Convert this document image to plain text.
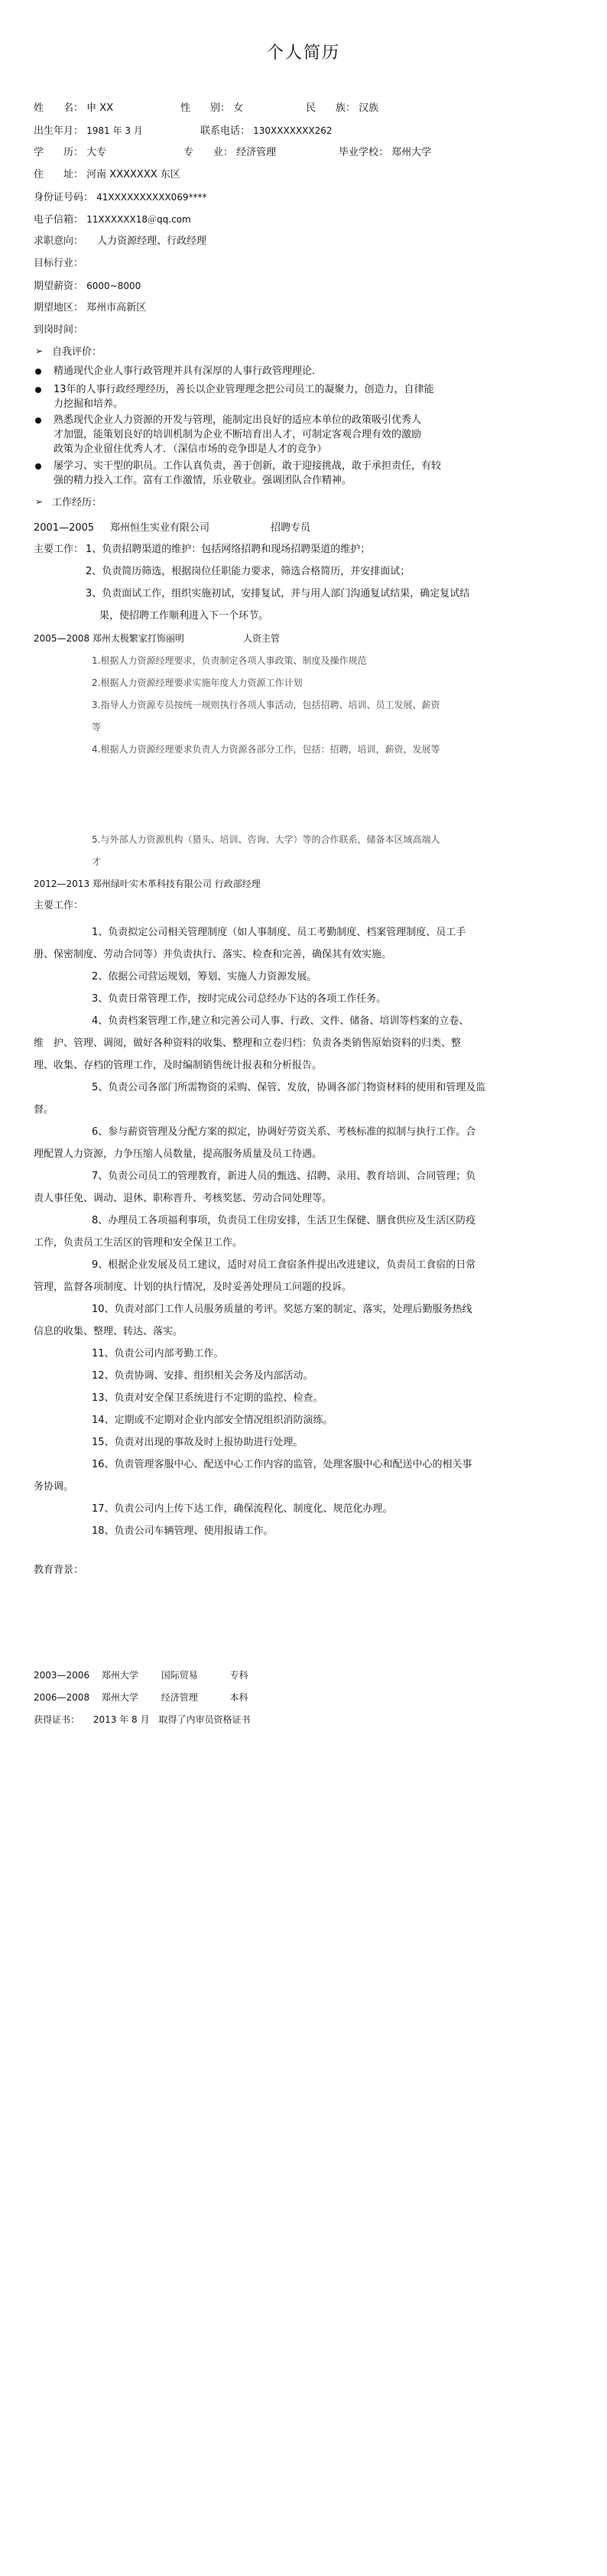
个人简历
姓　　名： 申 XX	性　　别： 女	民　　族： 汉族
出生年月： 1981 年 3 月	联系电话： 130XXXXXXX262
学　　历： 大专	专　　业： 经济管理	毕业学校： 郑州大学
住　　址： 河南 XXXXXXX 东区
身份证号码： 41XXXXXXXXXX069****
电子信箱： 11XXXXXX18＠qq.com
求职意向： 人力资源经理、行政经理
目标行业：
期望薪资： 6000~8000
期望地区： 郑州市高新区
到岗时间：
➢ 自我评价：
精通现代企业人事行政管理并具有深厚的人事行政管理理论．
13年的人事行政经理经历，善长以企业管理理念把公司员工的凝聚力，创造力，自律能
力挖掘和培养。
熟悉现代企业人力资源的开发与管理，能制定出良好的适应本单位的政策吸引优秀人
才加盟，能策划良好的培训机制为企业不断培育出人才，可制定客观合理有效的激励
政策为企业留住优秀人才．（深信市场的竞争即是人才的竞争）
屡学习、实干型的职员。工作认真负责，善于创新，敢于迎接挑战，敢于承担责任，有较
强的精力投入工作。富有工作激情，乐业敬业。强调团队合作精神。
➢ 工作经历：
2001—2005 郑州恒生实业有限公司	招聘专员
主要工作： 1、负责招聘渠道的维护：包括网络招聘和现场招聘渠道的维护；
2、负责简历筛选，根据岗位任职能力要求，筛选合格简历，并安排面试；
3、负责面试工作，组织实施初试，安排复试，并与用人部门沟通复试结果，确定复试结
果，使招聘工作顺利进入下一个环节。
2005—2008 郑州太极繁家打饰丽明	人资主管
1.根据人力资源经理要求，负责制定各项人事政策、制度及操作规范
2.根据人力资源经理要求实施年度人力资源工作计划
3.指导人力资源专员按统一规则执行各项人事活动，包括招聘、培训、员工发展、薪资
等
4.根据人力资源经理要求负责人力资源各部分工作，包括：招聘，培训，薪资，发展等
5.与外部人力资源机构（猎头、培训、咨询、大学）等的合作联系，储备本区域高端人
才
2012—2013 郑州绿叶实木革科技有限公司 行政部经理
主要工作：
1、负责拟定公司相关管理制度（如人事制度、员工考勤制度、档案管理制度、员工手
册、保密制度、劳动合同等）并负责执行、落实、检查和完善，确保其有效实施。
2、依据公司营运规划，筹划、实施人力资源发展。
3、负责日常管理工作，按时完成公司总经办下达的各项工作任务。
4、负责档案管理工作,建立和完善公司人事、行政、文件、储备、培训等档案的立卷、
维　护、管理、调阅，做好各种资料的收集、整理和立卷归档：负责各类销售原始资料的归类、整
理、收集、存档的管理工作，及时编制销售统计报表和分析报告。
5、负责公司各部门所需物资的采购、保管、发放，协调各部门物资材料的使用和管理及监
督。
6、参与薪资管理及分配方案的拟定，协调好劳资关系、考核标准的拟制与执行工作。合
理配置人力资源，力争压缩人员数量，提高服务质量及员工待遇。
7、负责公司员工的管理教育，新进人员的甄选、招聘、录用、教育培训、合同管理；负
责人事任免、调动、退休、职称晋升、考核奖惩、劳动合同处理等。
8、办理员工各项福利事项，负责员工住房安排，生活卫生保健、膳食供应及生活区防疫
工作，负责员工生活区的管理和安全保卫工作。
9、根据企业发展及员工建议，适时对员工食宿条件提出改进建议，负责员工食宿的日常
管理，监督各项制度、计划的执行情况，及时妥善处理员工问题的投诉。
10、负责对部门工作人员服务质量的考评。奖惩方案的制定、落实，处理后勤服务热线
信息的收集、整理、转达、落实。
11、负责公司内部考勤工作。
12、负责协调、安排、组织相关会务及内部活动。
13、负责对安全保卫系统进行不定期的监控、检查。
14、定期或不定期对企业内部安全情况组织消防演练。
15、负责对出现的事故及时上报协助进行处理。
16、负责管理客服中心、配送中心工作内容的监管，处理客服中心和配送中心的相关事
务协调。
17、负责公司内上传下达工作，确保流程化、制度化、规范化办理。
18、负责公司车辆管理、使用报请工作。
教育背景：
2003—2006 郑州大学 国际贸易	专科
2006—2008 郑州大学 经济管理	本科
获得证书： 2013 年 8 月　取得了内审员资格证书
